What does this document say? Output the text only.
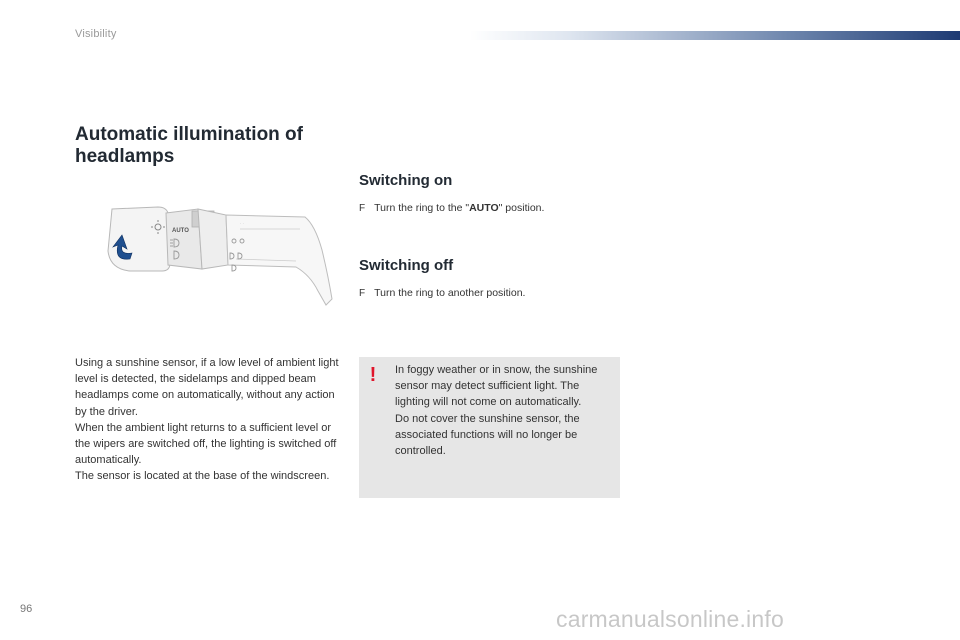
Visibility
Automatic illumination of headlamps
AUTO
· ·
Switching on
F Turn the ring to the "AUTO" position.
Switching off
F Turn the ring to another position.

Using a sunshine sensor, if a low level of ambient light level is detected, the sidelamps and dipped beam headlamps come on automatically, without any action by the driver.

When the ambient light returns to a sufficient level or the wipers are switched off, the lighting is switched off automatically.

The sensor is located at the base of the windscreen.

! In foggy weather or in snow, the sunshine sensor may detect sufficient light. The lighting will not come on automatically.

Do not cover the sunshine sensor, the associated functions will no longer be controlled.

96	carmanualsonline.info
